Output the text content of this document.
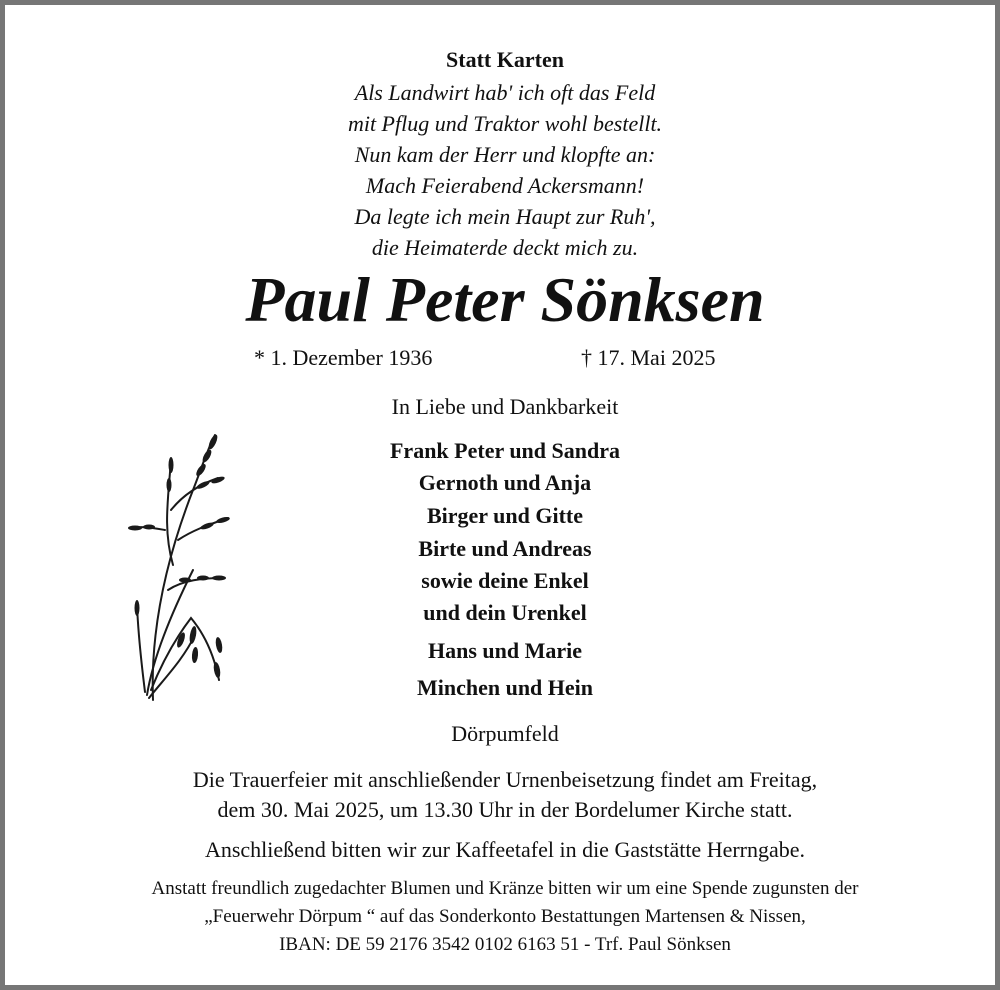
Statt Karten

Als Landwirt hab' ich oft das Feld

mit Pflug und Traktor wohl bestellt.

Nun kam der Herr und klopfte an:

Mach Feierabend Ackersmann!

Da legte ich mein Haupt zur Ruh',

die Heimaterde deckt mich zu.

Paul Peter Sönksen

* 1. Dezember 1936	† 17. Mai 2025

In Liebe und Dankbarkeit

Frank Peter und Sandra

Gernoth und Anja

Birger und Gitte

Birte und Andreas

sowie deine Enkel

und dein Urenkel

Hans und Marie

Minchen und Hein

Dörpumfeld

Die Trauerfeier mit anschließender Urnenbeisetzung findet am Freitag,

dem 30. Mai 2025, um 13.30 Uhr in der Bordelumer Kirche statt.

Anschließend bitten wir zur Kaffeetafel in die Gaststätte Herrngabe.

Anstatt freundlich zugedachter Blumen und Kränze bitten wir um eine Spende zugunsten der

„Feuerwehr Dörpum “ auf das Sonderkonto Bestattungen Martensen & Nissen,

IBAN: DE 59 2176 3542 0102 6163 51 - Trf. Paul Sönksen
